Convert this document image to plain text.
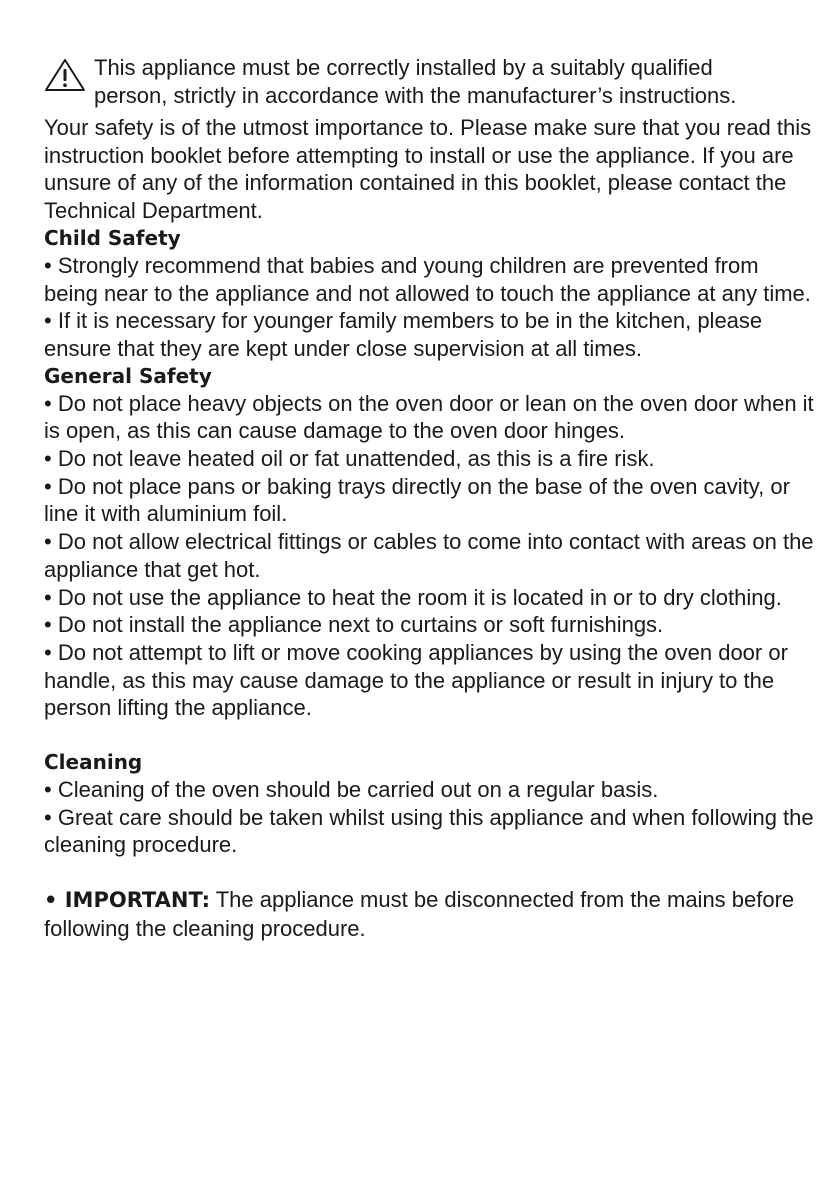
This appliance must be correctly installed by a suitably qualified
person, strictly in accordance with the manufacturer’s instructions.

Your safety is of the utmost importance to. Please make sure that you read this instruction booklet before attempting to install or use the appliance. If you are unsure of any of the information contained in this booklet, please contact the Technical Department.

Child Safety
• Strongly recommend that babies and young children are prevented from being near to the appliance and not allowed to touch the appliance at any time.
• If it is necessary for younger family members to be in the kitchen, please ensure that they are kept under close supervision at all times.
General Safety
• Do not place heavy objects on the oven door or lean on the oven door when it is open, as this can cause damage to the oven door hinges.
• Do not leave heated oil or fat unattended, as this is a fire risk.
• Do not place pans or baking trays directly on the base of the oven cavity, or line it with aluminium foil.
• Do not allow electrical fittings or cables to come into contact with areas on the appliance that get hot.
• Do not use the appliance to heat the room it is located in or to dry clothing.
• Do not install the appliance next to curtains or soft furnishings.
• Do not attempt to lift or move cooking appliances by using the oven door or handle, as this may cause damage to the appliance or result in injury to the person lifting the appliance.
Cleaning
• Cleaning of the oven should be carried out on a regular basis.
• Great care should be taken whilst using this appliance and when following the cleaning procedure.

• IMPORTANT: The appliance must be disconnected from the mains before following the cleaning procedure.
